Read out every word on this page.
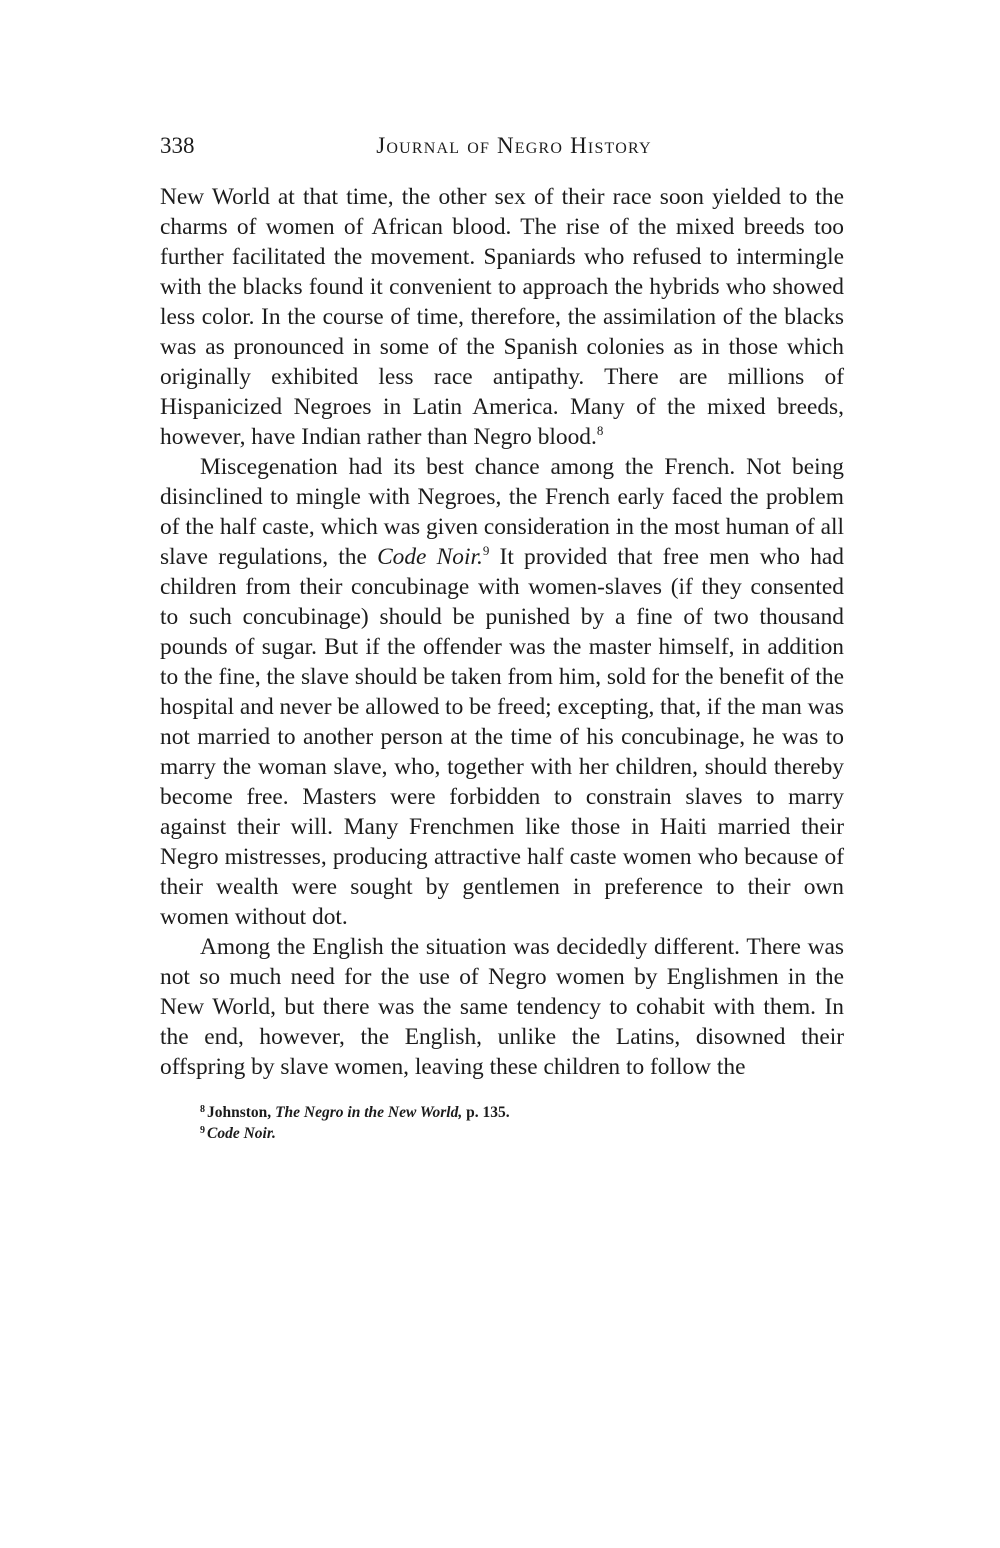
338	Journal of Negro History

New World at that time, the other sex of their race soon yielded to the charms of women of African blood. The rise of the mixed breeds too further facilitated the movement. Spaniards who refused to intermingle with the blacks found it convenient to approach the hybrids who showed less color. In the course of time, therefore, the assimilation of the blacks was as pronounced in some of the Spanish colonies as in those which originally exhibited less race antipathy. There are millions of Hispanicized Negroes in Latin America. Many of the mixed breeds, however, have Indian rather than Negro blood.$^8$

Miscegenation had its best chance among the French. Not being disinclined to mingle with Negroes, the French early faced the problem of the half caste, which was given consideration in the most human of all slave regulations, the Code Noir.$^9$ It provided that free men who had children from their concubinage with women-slaves (if they consented to such concubinage) should be punished by a fine of two thousand pounds of sugar. But if the offender was the master himself, in addition to the fine, the slave should be taken from him, sold for the benefit of the hospital and never be allowed to be freed; excepting, that, if the man was not married to another person at the time of his concubinage, he was to marry the woman slave, who, together with her children, should thereby become free. Masters were forbidden to constrain slaves to marry against their will. Many Frenchmen like those in Haiti married their Negro mistresses, producing attractive half caste women who because of their wealth were sought by gentlemen in preference to their own women without dot.

Among the English the situation was decidedly different. There was not so much need for the use of Negro women by Englishmen in the New World, but there was the same tendency to cohabit with them. In the end, however, the English, unlike the Latins, disowned their offspring by slave women, leaving these children to follow the

$^8$ Johnston, The Negro in the New World, p. 135.

$^9$ Code Noir.
